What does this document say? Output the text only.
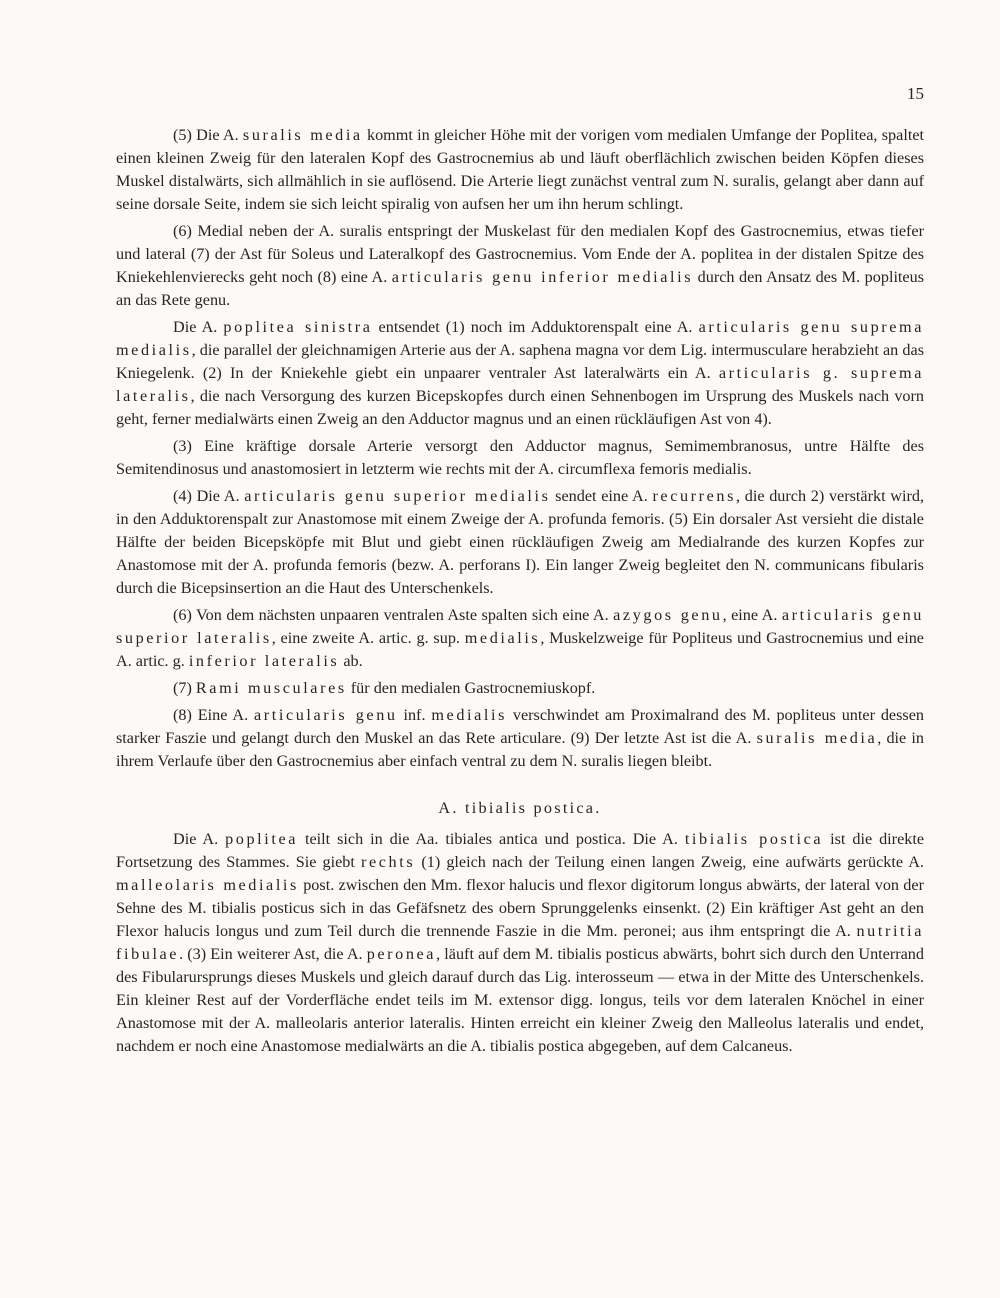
15

(5) Die A. suralis media kommt in gleicher Höhe mit der vorigen vom medialen Umfange der Poplitea, spaltet einen kleinen Zweig für den lateralen Kopf des Gastrocnemius ab und läuft oberflächlich zwischen beiden Köpfen dieses Muskel distalwärts, sich allmählich in sie auflösend. Die Arterie liegt zunächst ventral zum N. suralis, gelangt aber dann auf seine dorsale Seite, indem sie sich leicht spiralig von aufsen her um ihn herum schlingt.

(6) Medial neben der A. suralis entspringt der Muskelast für den medialen Kopf des Gastrocnemius, etwas tiefer und lateral (7) der Ast für Soleus und Lateralkopf des Gastrocnemius. Vom Ende der A. poplitea in der distalen Spitze des Kniekehlenvierecks geht noch (8) eine A. articularis genu inferior medialis durch den Ansatz des M. popliteus an das Rete genu.

Die A. poplitea sinistra entsendet (1) noch im Adduktorenspalt eine A. articularis genu suprema medialis, die parallel der gleichnamigen Arterie aus der A. saphena magna vor dem Lig. intermusculare herabzieht an das Kniegelenk. (2) In der Kniekehle giebt ein unpaarer ventraler Ast lateralwärts ein A. articularis g. suprema lateralis, die nach Versorgung des kurzen Bicepskopfes durch einen Sehnenbogen im Ursprung des Muskels nach vorn geht, ferner medialwärts einen Zweig an den Adductor magnus und an einen rückläufigen Ast von 4).

(3) Eine kräftige dorsale Arterie versorgt den Adductor magnus, Semimembranosus, untre Hälfte des Semitendinosus und anastomosiert in letzterm wie rechts mit der A. circumflexa femoris medialis.

(4) Die A. articularis genu superior medialis sendet eine A. recurrens, die durch 2) verstärkt wird, in den Adduktorenspalt zur Anastomose mit einem Zweige der A. profunda femoris. (5) Ein dorsaler Ast versieht die distale Hälfte der beiden Bicepsköpfe mit Blut und giebt einen rückläufigen Zweig am Medialrande des kurzen Kopfes zur Anastomose mit der A. profunda femoris (bezw. A. perforans I). Ein langer Zweig begleitet den N. communicans fibularis durch die Bicepsinsertion an die Haut des Unterschenkels.

(6) Von dem nächsten unpaaren ventralen Aste spalten sich eine A. azygos genu, eine A. articularis genu superior lateralis, eine zweite A. artic. g. sup. medialis, Muskelzweige für Popliteus und Gastrocnemius und eine A. artic. g. inferior lateralis ab.

(7) Rami musculares für den medialen Gastrocnemiuskopf.

(8) Eine A. articularis genu inf. medialis verschwindet am Proximalrand des M. popliteus unter dessen starker Faszie und gelangt durch den Muskel an das Rete articulare. (9) Der letzte Ast ist die A. suralis media, die in ihrem Verlaufe über den Gastrocnemius aber einfach ventral zu dem N. suralis liegen bleibt.

A. tibialis postica.

Die A. poplitea teilt sich in die Aa. tibiales antica und postica. Die A. tibialis postica ist die direkte Fortsetzung des Stammes. Sie giebt rechts (1) gleich nach der Teilung einen langen Zweig, eine aufwärts gerückte A. malleolaris medialis post. zwischen den Mm. flexor halucis und flexor digitorum longus abwärts, der lateral von der Sehne des M. tibialis posticus sich in das Gefäfsnetz des obern Sprunggelenks einsenkt. (2) Ein kräftiger Ast geht an den Flexor halucis longus und zum Teil durch die trennende Faszie in die Mm. peronei; aus ihm entspringt die A. nutritia fibulae. (3) Ein weiterer Ast, die A. peronea, läuft auf dem M. tibialis posticus abwärts, bohrt sich durch den Unterrand des Fibularursprungs dieses Muskels und gleich darauf durch das Lig. interosseum — etwa in der Mitte des Unterschenkels. Ein kleiner Rest auf der Vorderfläche endet teils im M. extensor digg. longus, teils vor dem lateralen Knöchel in einer Anastomose mit der A. malleolaris anterior lateralis. Hinten erreicht ein kleiner Zweig den Malleolus lateralis und endet, nachdem er noch eine Anastomose medialwärts an die A. tibialis postica abgegeben, auf dem Calcaneus.
